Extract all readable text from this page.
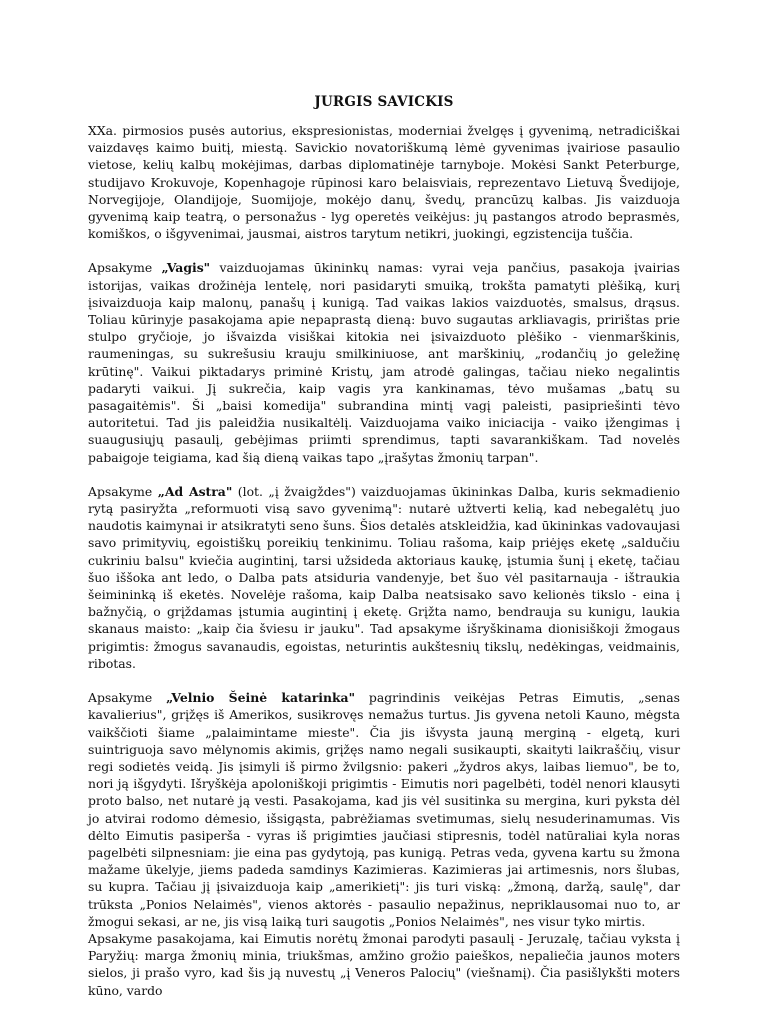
JURGIS SAVICKIS

XXa. pirmosios pusės autorius, ekspresionistas, moderniai žvelgęs į gyvenimą, netradiciškai vaizdavęs kaimo buitį, miestą. Savickio novatoriškumą lėmė gyvenimas įvairiose pasaulio vietose, kelių kalbų mokėjimas, darbas diplomatinėje tarnyboje. Mokėsi Sankt Peterburge, studijavo Krokuvoje, Kopenhagoje rūpinosi karo belaisviais, reprezentavo Lietuvą Švedijoje, Norvegijoje, Olandijoje, Suomijoje, mokėjo danų, švedų, prancūzų kalbas. Jis vaizduoja gyvenimą kaip teatrą, o personažus - lyg operetės veikėjus: jų pastangos atrodo beprasmės, komiškos, o išgyvenimai, jausmai, aistros tarytum netikri, juokingi, egzistencija tuščia.

Apsakyme „Vagis" vaizduojamas ūkininkų namas: vyrai veja pančius, pasakoja įvairias istorijas, vaikas drožinėja lentelę, nori pasidaryti smuiką, trokšta pamatyti plėšiką, kurį įsivaizduoja kaip malonų, panašų į kunigą. Tad vaikas lakios vaizduotės, smalsus, drąsus. Toliau kūrinyje pasakojama apie nepaprastą dieną: buvo sugautas arkliavagis, pririštas prie stulpo gryčioje, jo išvaizda visiškai kitokia nei įsivaizduoto plėšiko - vienmarškinis, raumeningas, su sukrešusiu krauju smilkiniuose, ant marškinių, „rodančių jo geležinę krūtinę". Vaikui piktadarys priminė Kristų, jam atrodė galingas, tačiau nieko negalintis padaryti vaikui. Jį sukrečia, kaip vagis yra kankinamas, tėvo mušamas „batų su pasagaitėmis". Ši „baisi komedija" subrandina mintį vagį paleisti, pasipriešinti tėvo autoritetui. Tad jis paleidžia nusikaltėlį. Vaizduojama vaiko iniciacija - vaiko įžengimas į suaugusiųjų pasaulį, gebėjimas priimti sprendimus, tapti savarankiškam. Tad novelės pabaigoje teigiama, kad šią dieną vaikas tapo „įrašytas žmonių tarpan".

Apsakyme „Ad Astra" (lot. „į žvaigždes") vaizduojamas ūkininkas Dalba, kuris sekmadienio rytą pasiryžta „reformuoti visą savo gyvenimą": nutarė užtverti kelią, kad nebegalėtų juo naudotis kaimynai ir atsikratyti seno šuns. Šios detalės atskleidžia, kad ūkininkas vadovaujasi savo primityvių, egoistiškų poreikių tenkinimu. Toliau rašoma, kaip priėjęs eketę „saldučiu cukriniu balsu" kviečia augintinį, tarsi užsideda aktoriaus kaukę, įstumia šunį į eketę, tačiau šuo iššoka ant ledo, o Dalba pats atsiduria vandenyje, bet šuo vėl pasitarnauja - ištraukia šeimininką iš eketės. Novelėje rašoma, kaip Dalba neatsisako savo kelionės tikslo - eina į bažnyčią, o grįždamas įstumia augintinį į eketę. Grįžta namo, bendrauja su kunigu, laukia skanaus maisto: „kaip čia šviesu ir jauku". Tad apsakyme išryškinama dionisiškoji žmogaus prigimtis: žmogus savanaudis, egoistas, neturintis aukštesnių tikslų, nedėkingas, veidmainis, ribotas.

Apsakyme „Velnio Šeinė katarinka" pagrindinis veikėjas Petras Eimutis, „senas kavalierius", grįžęs iš Amerikos, susikrovęs nemažus turtus. Jis gyvena netoli Kauno, mėgsta vaikščioti šiame „palaimintame mieste". Čia jis išvysta jauną merginą - elgetą, kuri suintriguoja savo mėlynomis akimis, grįžęs namo negali susikaupti, skaityti laikraščių, visur regi sodietės veidą. Jis įsimyli iš pirmo žvilgsnio: pakeri „žydros akys, laibas liemuo", be to, nori ją išgydyti. Išryškėja apoloniškoji prigimtis - Eimutis nori pagelbėti, todėl nenori klausyti proto balso, net nutarė ją vesti. Pasakojama, kad jis vėl susitinka su mergina, kuri pyksta dėl jo atvirai rodomo dėmesio, išsigąsta, pabrėžiamas svetimumas, sielų nesuderinamumas. Vis dėlto Eimutis pasiperša - vyras iš prigimties jaučiasi stipresnis, todėl natūraliai kyla noras pagelbėti silpnesniam: jie eina pas gydytoją, pas kunigą. Petras veda, gyvena kartu su žmona mažame ūkelyje, jiems padeda samdinys Kazimieras. Kazimieras jai artimesnis, nors šlubas, su kupra. Tačiau jį įsivaizduoja kaip „amerikietį": jis turi viską: „žmoną, daržą, saulę", dar trūksta „Ponios Nelaimės", vienos aktorės - pasaulio nepažinus, nepriklausomai nuo to, ar žmogui sekasi, ar ne, jis visą laiką turi saugotis „Ponios Nelaimės", nes visur tyko mirtis.

Apsakyme pasakojama, kai Eimutis norėtų žmonai parodyti pasaulį - Jeruzalę, tačiau vyksta į Paryžių: marga žmonių minia, triukšmas, amžino grožio paieškos, nepaliečia jaunos moters sielos, ji prašo vyro, kad šis ją nuvestų „į Veneros Palocių" (viešnamį). Čia pasišlykšti moters kūno, vardo
